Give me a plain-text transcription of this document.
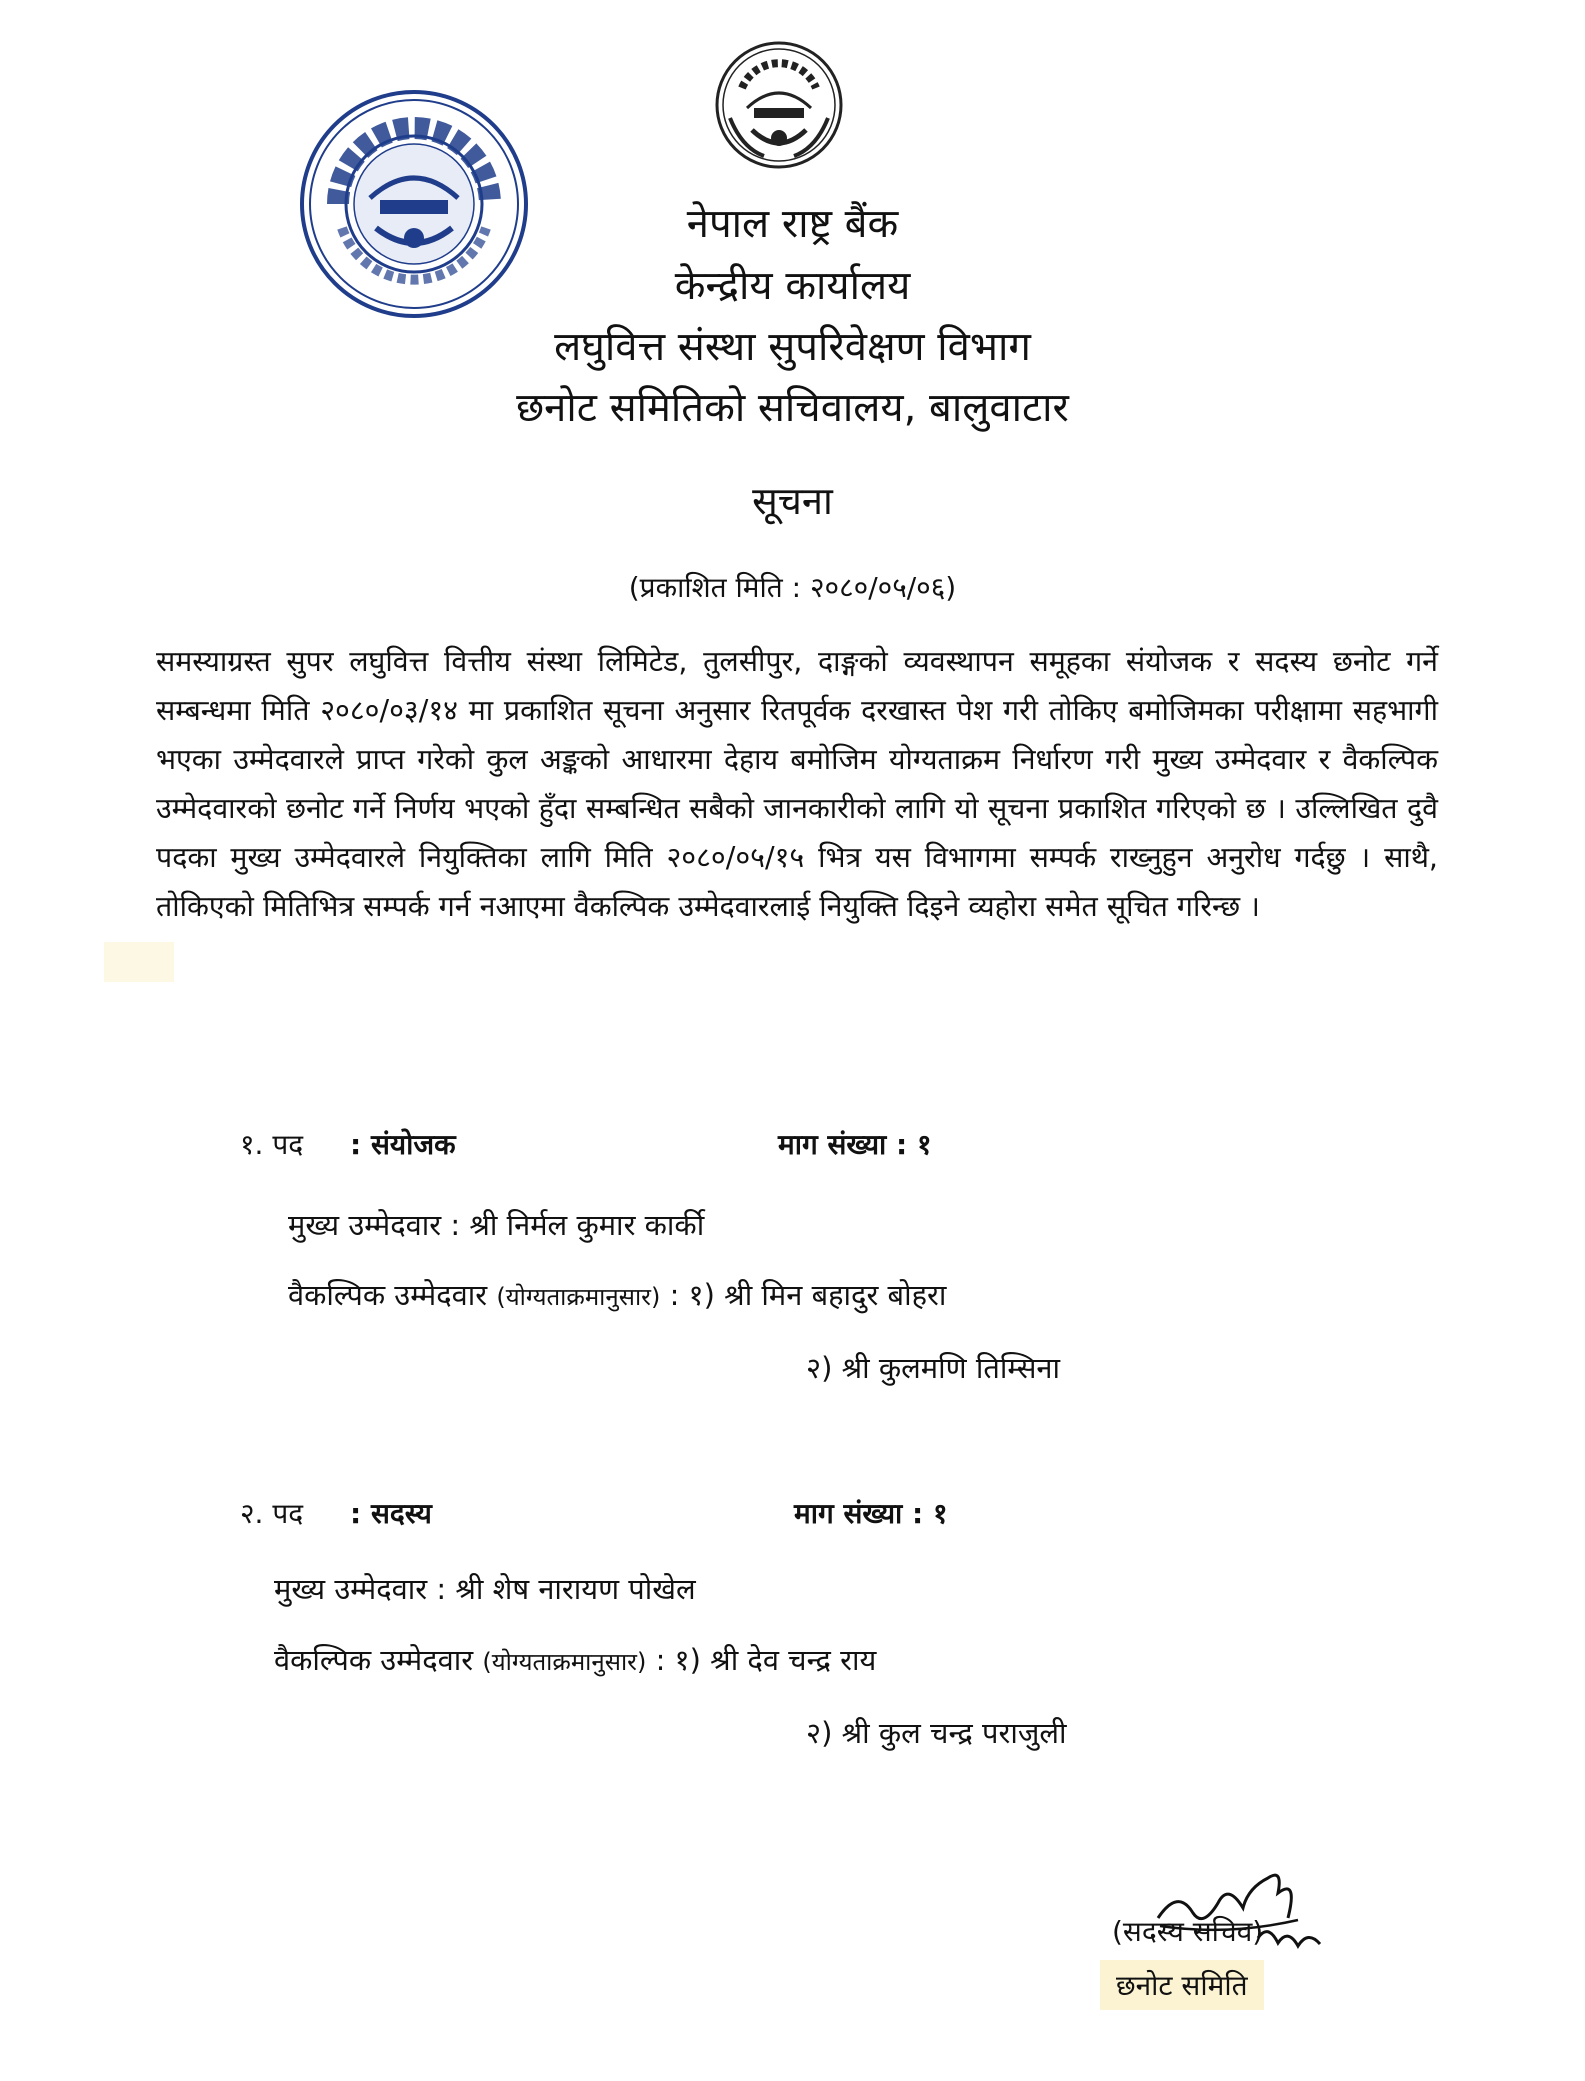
नेपाल राष्ट्र बैंक
केन्द्रीय कार्यालय
लघुवित्त संस्था सुपरिवेक्षण विभाग
छनोट समितिको सचिवालय, बालुवाटार
सूचना
(प्रकाशित मिति : २०८०/०५/०६)
समस्याग्रस्त सुपर लघुवित्त वित्तीय संस्था लिमिटेड, तुलसीपुर, दाङ्गको व्यवस्थापन समूहका संयोजक र सदस्य छनोट गर्ने सम्बन्धमा मिति २०८०/०३/१४ मा प्रकाशित सूचना अनुसार रितपूर्वक दरखास्त पेश गरी तोकिए बमोजिमका परीक्षामा सहभागी भएका उम्मेदवारले प्राप्त गरेको कुल अङ्कको आधारमा देहाय बमोजिम योग्यताक्रम निर्धारण गरी मुख्य उम्मेदवार र वैकल्पिक उम्मेदवारको छनोट गर्ने निर्णय भएको हुँदा सम्बन्धित सबैको जानकारीको लागि यो सूचना प्रकाशित गरिएको छ । उल्लिखित दुवै पदका मुख्य उम्मेदवारले नियुक्तिका लागि मिति २०८०/०५/१५ भित्र यस विभागमा सम्पर्क राख्नुहुन अनुरोध गर्दछु । साथै, तोकिएको मितिभित्र सम्पर्क गर्न नआएमा वैकल्पिक उम्मेदवारलाई नियुक्ति दिइने व्यहोरा समेत सूचित गरिन्छ ।
१. पद : संयोजक	माग संख्या : १
मुख्य उम्मेदवार : श्री निर्मल कुमार कार्की
वैकल्पिक उम्मेदवार (योग्यताक्रमानुसार) : १) श्री मिन बहादुर बोहरा
२) श्री कुलमणि तिम्सिना
२. पद : सदस्य	माग संख्या : १
मुख्य उम्मेदवार : श्री शेष नारायण पोखेल
वैकल्पिक उम्मेदवार (योग्यताक्रमानुसार) : १) श्री देव चन्द्र राय
२) श्री कुल चन्द्र पराजुली
(सदस्य सचिव)
छनोट समिति
